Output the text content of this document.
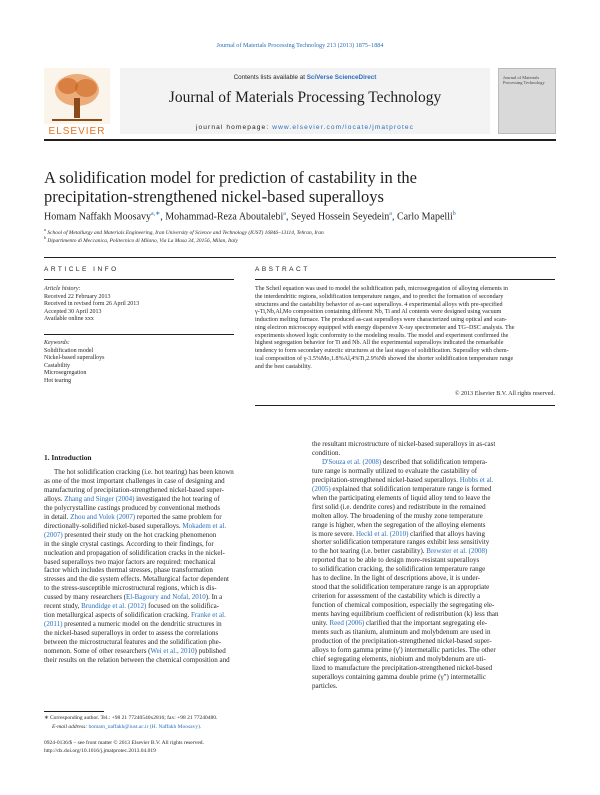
Journal of Materials Processing Technology 213 (2013) 1875–1884
ELSEVIER
Contents lists available at SciVerse ScienceDirect
Journal of Materials Processing Technology
journal homepage: www.elsevier.com/locate/jmatprotec
Journal of Materials Processing Technology
A solidification model for prediction of castability in the
precipitation-strengthened nickel-based superalloys
Homam Naffakh Moosavy$^{a,∗}$, Mohammad-Reza Aboutalebi$^a$, Seyed Hossein Seyedein$^a$, Carlo Mapelli$^b$
$^a$ School of Metallurgy and Materials Engineering, Iran University of Science and Technology (IUST) 16846–13114, Tehran, Iran
$^b$ Dipartimento di Meccanica, Politecnico di Milano, Via La Masa 34, 20156, Milan, Italy
ARTICLE INFO
Article history:
Received 22 February 2013
Received in revised form 26 April 2013
Accepted 30 April 2013
Available online xxx
Keywords:
Solidification model
Nickel-based superalloys
Castability
Microsegregation
Hot tearing
ABSTRACT
The Scheil equation was used to model the solidification path, microsegregation of alloying elements in
the interdendritic regions, solidification temperature ranges, and to predict the formation of secondary
structures and the castability behavior of as-cast superalloys. 4 experimental alloys with pre-specified
γ-Ti,Nb,Al,Mo composition containing different Nb, Ti and Al contents were designed using vacuum
induction melting furnace. The produced as-cast superalloys were characterized using optical and scan-
ning electron microscopy equipped with energy dispersive X-ray spectrometer and TG–DSC analysis. The
experiments showed logic conformity to the modeling results. The model and experiment confirmed the
highest segregation behavior for Ti and Nb. All the experimental superalloys indicated the remarkable
tendency to form secondary eutectic structures at the last stages of solidification. Superalloy with chem-
ical composition of γ-3.5%Mo,1.8%Al,4%Ti,2.9%Nb showed the shorter solidification temperature range
and the best castability.
© 2013 Elsevier B.V. All rights reserved.
1. Introduction
The hot solidification cracking (i.e. hot tearing) has been known
as one of the most important challenges in case of designing and
manufacturing of precipitation-strengthened nickel-based super-
alloys. Zhang and Singer (2004) investigated the hot tearing of
the polycrystalline castings produced by conventional methods
in detail. Zhou and Volek (2007) reported the same problem for
directionally-solidified nickel-based superalloys. Mokadem et al.
(2007) presented their study on the hot cracking phenomenon
in the single crystal castings. According to their findings, for
nucleation and propagation of solidification cracks in the nickel-
based superalloys two major factors are required: mechanical
factor which includes thermal stresses, phase transformation
stresses and the die system effects. Metallurgical factor dependent
to the stress-susceptible microstructural regions, which is dis-
cussed by many researchers (El-Bagoury and Nofal, 2010). In a
recent study, Brundidge et al. (2012) focused on the solidifica-
tion metallurgical aspects of solidification cracking. Franke et al.
(2011) presented a numeric model on the dendritic structures in
the nickel-based superalloys in order to assess the correlations
between the microstructural features and the solidification phe-
nomenon. Some of other researchers (Wei et al., 2010) published
their results on the relation between the chemical composition and
the resultant microstructure of nickel-based superalloys in as-cast
condition.
D'Souza et al. (2008) described that solidification tempera-
ture range is normally utilized to evaluate the castability of
precipitation-strengthened nickel-based superalloys. Hobbs et al.
(2005) explained that solidification temperature range is formed
when the participating elements of liquid alloy tend to leave the
first solid (i.e. dendrite cores) and redistribute in the remained
molten alloy. The broadening of the mushy zone temperature
range is higher, when the segregation of the alloying elements
is more severe. Heckl et al. (2010) clarified that alloys having
shorter solidification temperature ranges exhibit less sensitivity
to the hot tearing (i.e. better castability). Brewster et al. (2008)
reported that to be able to design more-resistant superalloys
to solidification cracking, the solidification temperature range
has to decline. In the light of descriptions above, it is under-
stood that the solidification temperature range is an appropriate
criterion for assessment of the castability which is directly a
function of chemical composition, especially the segregating ele-
ments having equilibrium coefficient of redistribution (k) less than
unity. Reed (2006) clarified that the important segregating ele-
ments such as titanium, aluminum and molybdenum are used in
production of the precipitation-strengthened nickel-based super-
alloys to form gamma prime (γ′) intermetallic particles. The other
chief segregating elements, niobium and molybdenum are uti-
lized to manufacture the precipitation-strengthened nickel-based
superalloys containing gamma double prime (γ″) intermetallic
particles.
∗ Corresponding author. Tel.: +98 21 77240540x2816; fax: +98 21 77240480.
E-mail address: homam_naffakh@iust.ac.ir (H. Naffakh Moosavy).
0924-0136/$ – see front matter © 2013 Elsevier B.V. All rights reserved.
http://dx.doi.org/10.1016/j.jmatprotec.2013.04.019
